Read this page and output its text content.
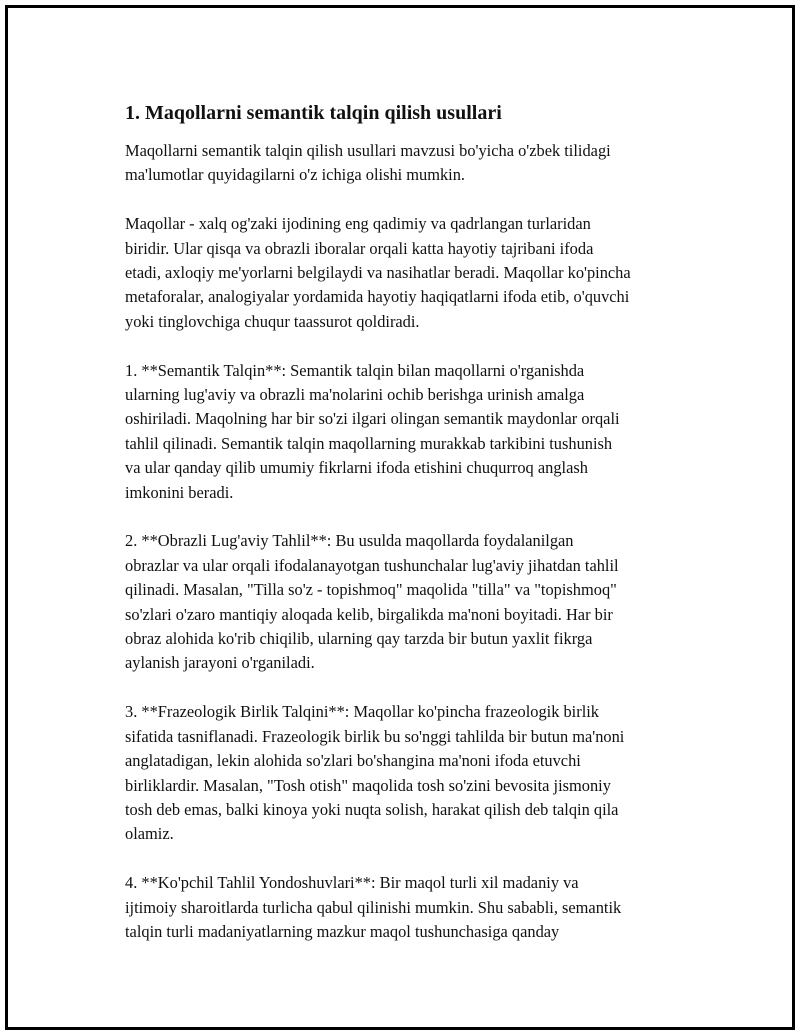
1. Maqollarni semantik talqin qilish usullari
Maqollarni semantik talqin qilish usullari mavzusi bo'yicha o'zbek tilidagi
ma'lumotlar quyidagilarni o'z ichiga olishi mumkin.
Maqollar - xalq og'zaki ijodining eng qadimiy va qadrlangan turlaridan
biridir. Ular qisqa va obrazli iboralar orqali katta hayotiy tajribani ifoda
etadi, axloqiy me'yorlarni belgilaydi va nasihatlar beradi. Maqollar ko'pincha
metaforalar, analogiyalar yordamida hayotiy haqiqatlarni ifoda etib, o'quvchi
yoki tinglovchiga chuqur taassurot qoldiradi.
1. **Semantik Talqin**: Semantik talqin bilan maqollarni o'rganishda
ularning lug'aviy va obrazli ma'nolarini ochib berishga urinish amalga
oshiriladi. Maqolning har bir so'zi ilgari olingan semantik maydonlar orqali
tahlil qilinadi. Semantik talqin maqollarning murakkab tarkibini tushunish
va ular qanday qilib umumiy fikrlarni ifoda etishini chuqurroq anglash
imkonini beradi.
2. **Obrazli Lug'aviy Tahlil**: Bu usulda maqollarda foydalanilgan
obrazlar va ular orqali ifodalanayotgan tushunchalar lug'aviy jihatdan tahlil
qilinadi. Masalan, "Tilla so'z - topishmoq" maqolida "tilla" va "topishmoq"
so'zlari o'zaro mantiqiy aloqada kelib, birgalikda ma'noni boyitadi. Har bir
obraz alohida ko'rib chiqilib, ularning qay tarzda bir butun yaxlit fikrga
aylanish jarayoni o'rganiladi.
3. **Frazeologik Birlik Talqini**: Maqollar ko'pincha frazeologik birlik
sifatida tasniflanadi. Frazeologik birlik bu so'nggi tahlilda bir butun ma'noni
anglatadigan, lekin alohida so'zlari bo'shangina ma'noni ifoda etuvchi
birliklardir. Masalan, "Tosh otish" maqolida tosh so'zini bevosita jismoniy
tosh deb emas, balki kinoya yoki nuqta solish, harakat qilish deb talqin qila
olamiz.
4. **Ko'pchil Tahlil Yondoshuvlari**: Bir maqol turli xil madaniy va
ijtimoiy sharoitlarda turlicha qabul qilinishi mumkin. Shu sababli, semantik
talqin turli madaniyatlarning mazkur maqol tushunchasiga qanday
